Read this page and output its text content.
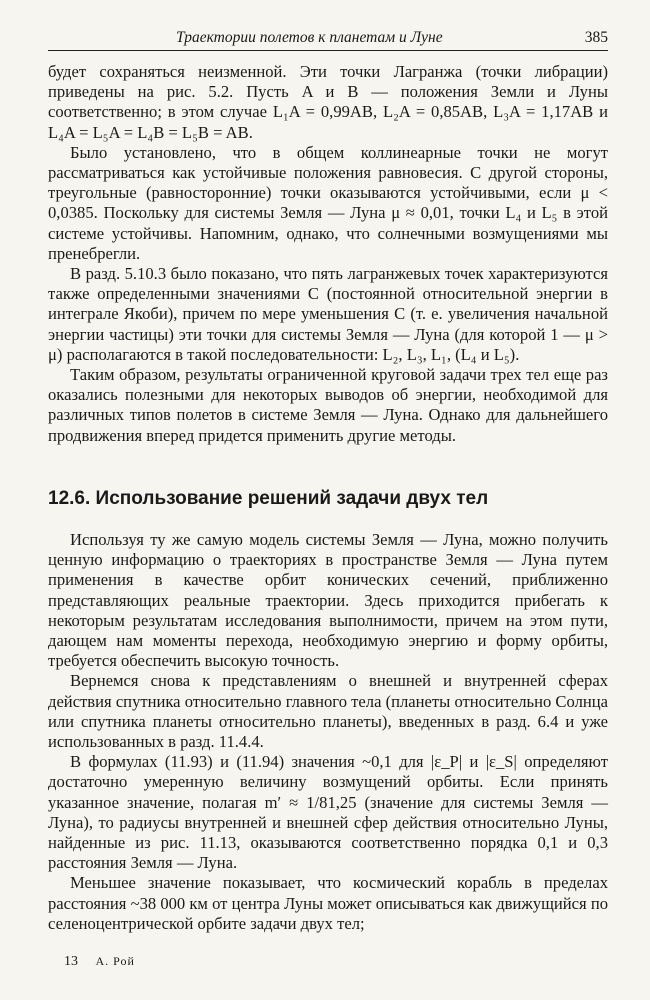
Траектории полетов к планетам и Луне	385

будет сохраняться неизменной. Эти точки Лагранжа (точки либрации) приведены на рис. 5.2. Пусть A и B — положения Земли и Луны соответственно; в этом случае L₁A = 0,99AB, L₂A = 0,85AB, L₃A = 1,17AB и L₄A = L₅A = L₄B = L₅B = AB.

Было установлено, что в общем коллинеарные точки не могут рассматриваться как устойчивые положения равновесия. С другой стороны, треугольные (равносторонние) точки оказываются устойчивыми, если μ < 0,0385. Поскольку для системы Земля — Луна μ ≈ 0,01, точки L₄ и L₅ в этой системе устойчивы. Напомним, однако, что солнечными возмущениями мы пренебрегли.

В разд. 5.10.3 было показано, что пять лагранжевых точек характеризуются также определенными значениями C (постоянной относительной энергии в интеграле Якоби), причем по мере уменьшения C (т. е. увеличения начальной энергии частицы) эти точки для системы Земля — Луна (для которой 1 — μ > μ) располагаются в такой последовательности: L₂, L₃, L₁, (L₄ и L₅).

Таким образом, результаты ограниченной круговой задачи трех тел еще раз оказались полезными для некоторых выводов об энергии, необходимой для различных типов полетов в системе Земля — Луна. Однако для дальнейшего продвижения вперед придется применить другие методы.

12.6. Использование решений задачи двух тел

Используя ту же самую модель системы Земля — Луна, можно получить ценную информацию о траекториях в пространстве Земля — Луна путем применения в качестве орбит конических сечений, приближенно представляющих реальные траектории. Здесь приходится прибегать к некоторым результатам исследования выполнимости, причем на этом пути, дающем нам моменты перехода, необходимую энергию и форму орбиты, требуется обеспечить высокую точность.

Вернемся снова к представлениям о внешней и внутренней сферах действия спутника относительно главного тела (планеты относительно Солнца или спутника планеты относительно планеты), введенных в разд. 6.4 и уже использованных в разд. 11.4.4.

В формулах (11.93) и (11.94) значения ~0,1 для |ε_P| и |ε_S| определяют достаточно умеренную величину возмущений орбиты. Если принять указанное значение, полагая m′ ≈ 1/81,25 (значение для системы Земля — Луна), то радиусы внутренней и внешней сфер действия относительно Луны, найденные из рис. 11.13, оказываются соответственно порядка 0,1 и 0,3 расстояния Земля — Луна.

Меньшее значение показывает, что космический корабль в пределах расстояния ~38 000 км от центра Луны может описываться как движущийся по селеноцентрической орбите задачи двух тел;

13 А. Рой
